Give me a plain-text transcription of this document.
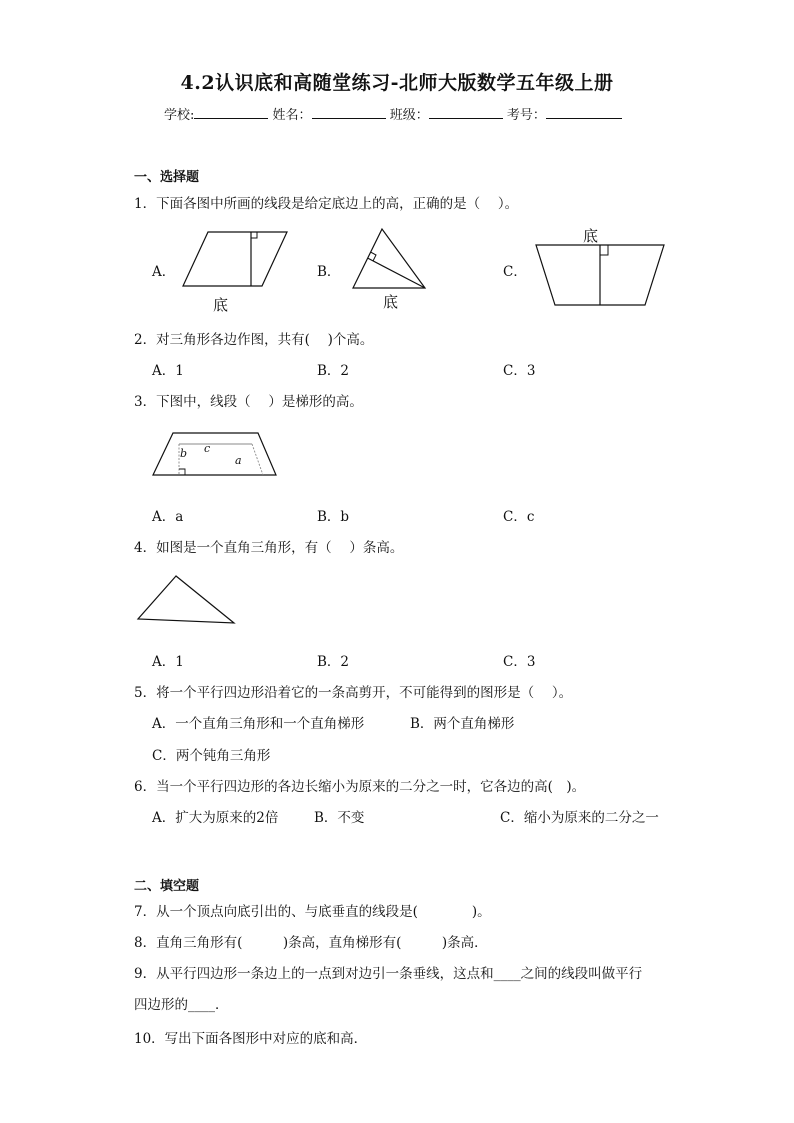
4.2认识底和高随堂练习-北师大版数学五年级上册
学校:	姓名：	班级：	考号：
一、选择题
1．下面各图中所画的线段是给定底边上的高，正确的是（　 ）。
A．
底
B．
底
C．
底
2．对三角形各边作图，共有(　 )个高。
A．1	B．2	C．3
3．下图中，线段（　 ）是梯形的高。
b c
a
A．a	B．b	C．c
4．如图是一个直角三角形，有（　 ）条高。
A．1	B．2	C．3
5．将一个平行四边形沿着它的一条高剪开，不可能得到的图形是（　 ）。
A．一个直角三角形和一个直角梯形	B．两个直角梯形
C．两个钝角三角形
6．当一个平行四边形的各边长缩小为原来的二分之一时，它各边的高(　)。
A．扩大为原来的2倍	B．不变	C．缩小为原来的二分之一
二、填空题
7．从一个顶点向底引出的、与底垂直的线段是(　　　　)。
8．直角三角形有(　　　)条高，直角梯形有(　　　)条高．
9．从平行四边形一条边上的一点到对边引一条垂线，这点和____之间的线段叫做平行
四边形的____．
10．写出下面各图形中对应的底和高．
